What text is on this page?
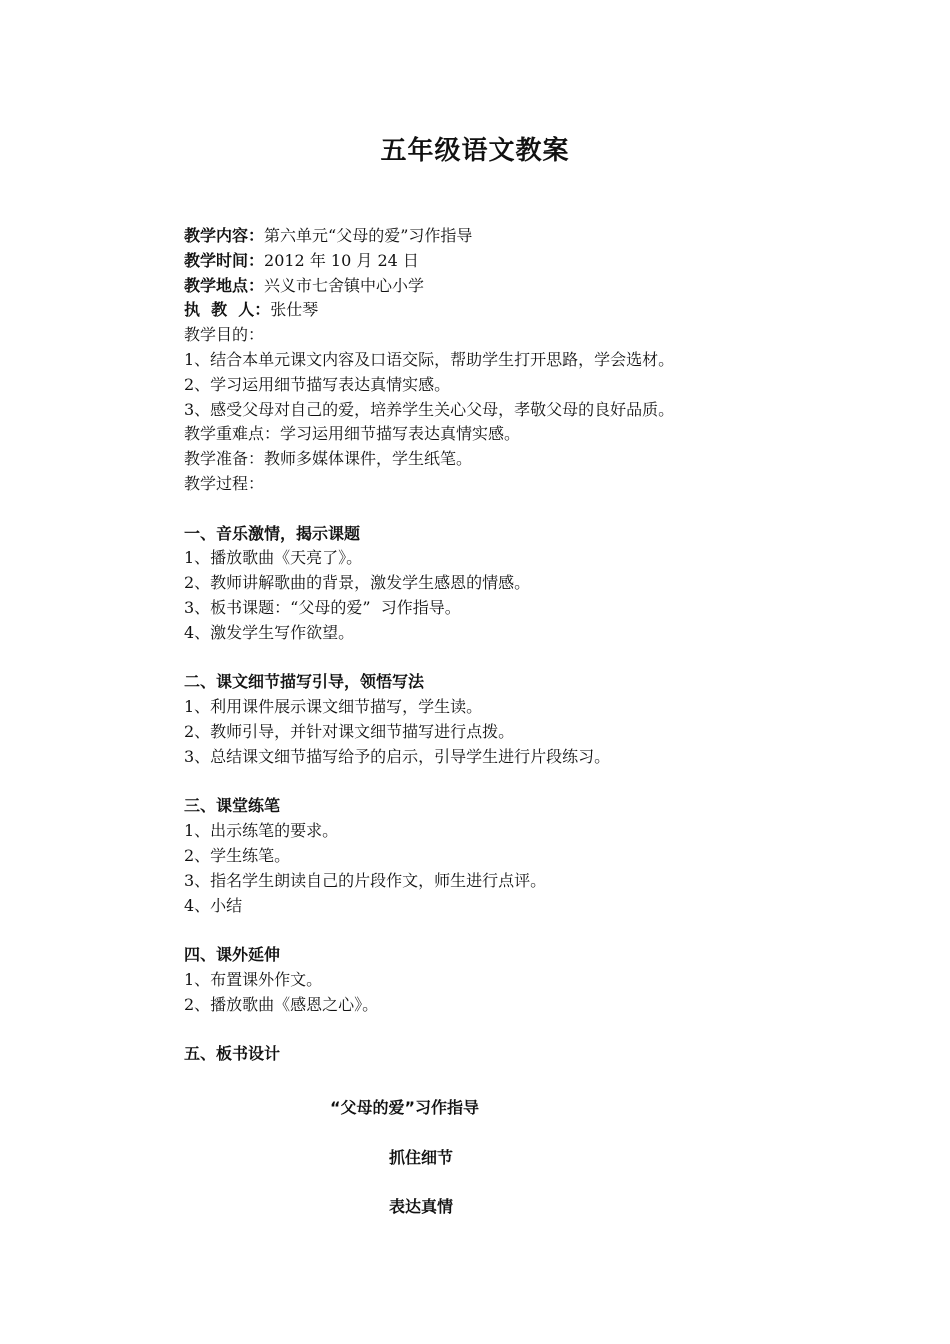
五年级语文教案
教学内容：第六单元“父母的爱”习作指导
教学时间：2012 年 10 月 24 日
教学地点：兴义市七舍镇中心小学
执  教  人：张仕琴
教学目的：
1、结合本单元课文内容及口语交际，帮助学生打开思路，学会选材。
2、学习运用细节描写表达真情实感。
3、感受父母对自己的爱，培养学生关心父母，孝敬父母的良好品质。
教学重难点：学习运用细节描写表达真情实感。
教学准备：教师多媒体课件，学生纸笔。
教学过程：
一、音乐激情，揭示课题
1、播放歌曲《天亮了》。
2、教师讲解歌曲的背景，激发学生感恩的情感。
3、板书课题：“父母的爱”  习作指导。
4、激发学生写作欲望。
二、课文细节描写引导，领悟写法
1、利用课件展示课文细节描写，学生读。
2、教师引导，并针对课文细节描写进行点拨。
3、总结课文细节描写给予的启示，引导学生进行片段练习。
三、课堂练笔
1、出示练笔的要求。
2、学生练笔。
3、指名学生朗读自己的片段作文，师生进行点评。
4、小结
四、课外延伸
1、布置课外作文。
2、播放歌曲《感恩之心》。
五、板书设计
“父母的爱”习作指导
抓住细节
表达真情
